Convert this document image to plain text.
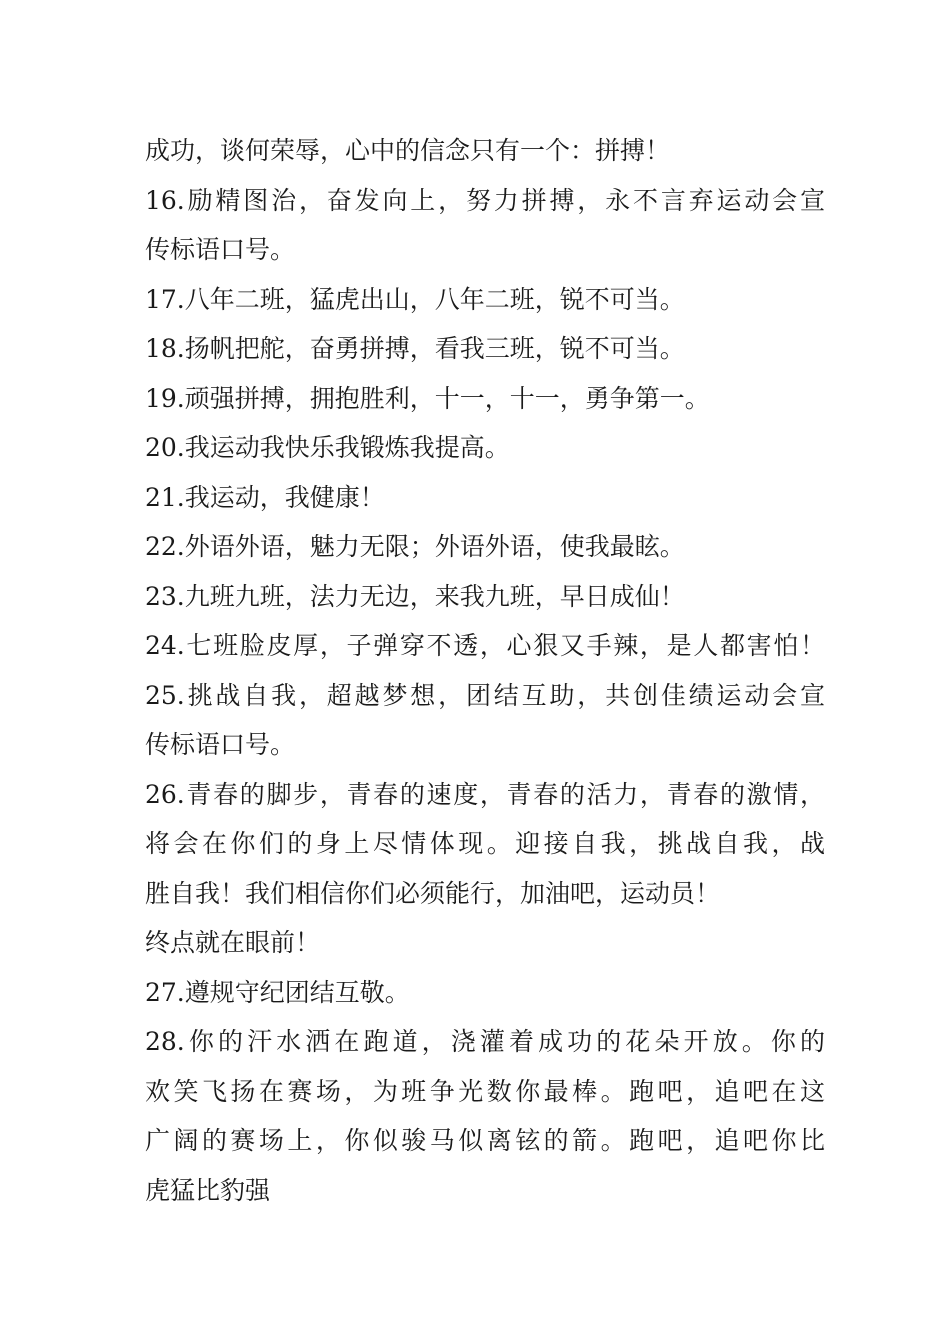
成功，谈何荣辱，心中的信念只有一个：拼搏！
16.励精图治，奋发向上，努力拼搏，永不言弃运动会宣
传标语口号。
17.八年二班，猛虎出山，八年二班，锐不可当。
18.扬帆把舵，奋勇拼搏，看我三班，锐不可当。
19.顽强拼搏，拥抱胜利，十一，十一，勇争第一。
20.我运动我快乐我锻炼我提高。
21.我运动，我健康！
22.外语外语，魅力无限；外语外语，使我最眩。
23.九班九班，法力无边，来我九班，早日成仙！
24.七班脸皮厚，子弹穿不透，心狠又手辣，是人都害怕！
25.挑战自我，超越梦想，团结互助，共创佳绩运动会宣
传标语口号。
26.青春的脚步，青春的速度，青春的活力，青春的激情，
将会在你们的身上尽情体现。迎接自我，挑战自我，战
胜自我！我们相信你们必须能行，加油吧，运动员！
终点就在眼前！
27.遵规守纪团结互敬。
28.你的汗水洒在跑道，浇灌着成功的花朵开放。你的
欢笑飞扬在赛场，为班争光数你最棒。跑吧，追吧在这
广阔的赛场上，你似骏马似离铉的箭。跑吧，追吧你比
虎猛比豹强
